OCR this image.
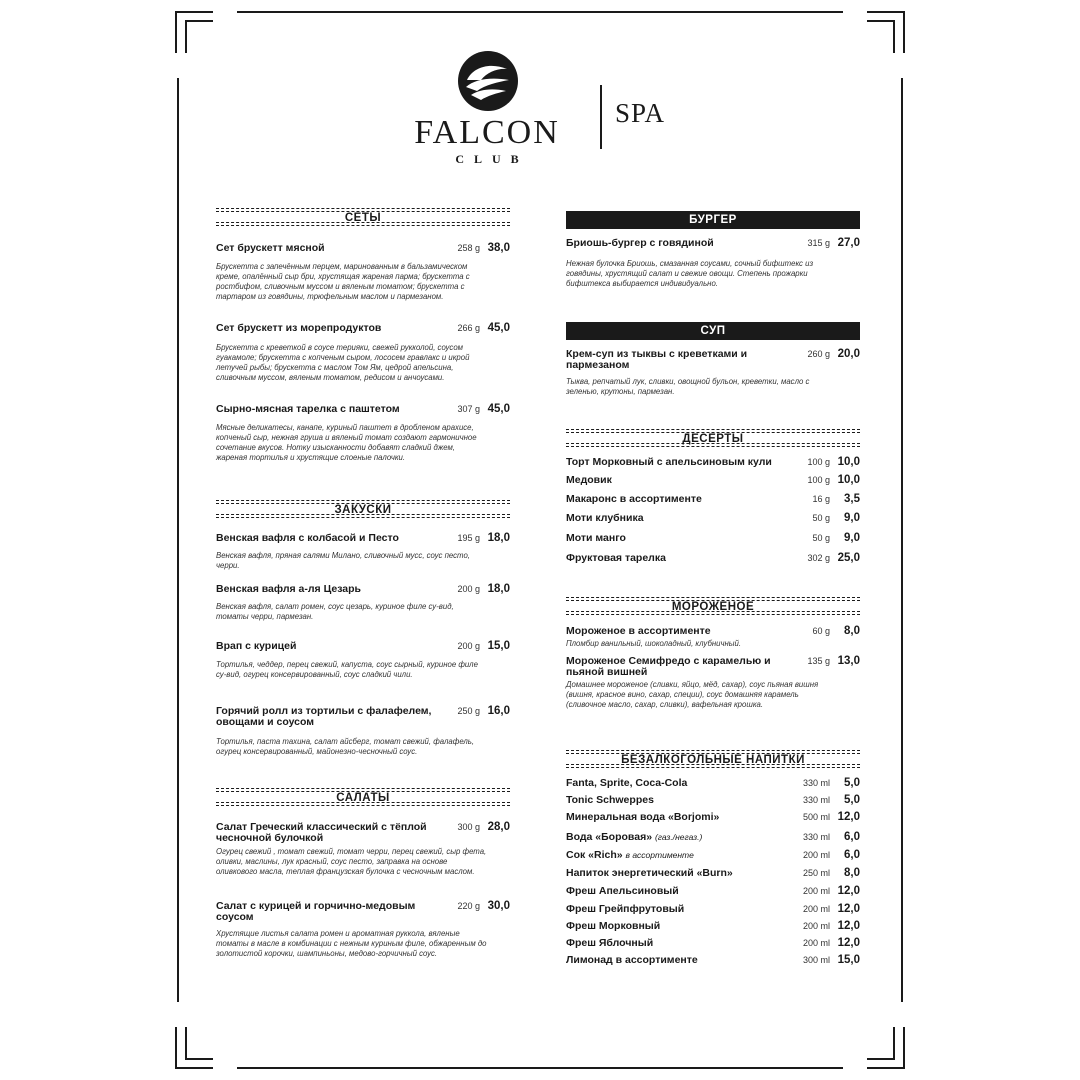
FALCON
CLUB
SPA
СЕТЫ
Сет брускетт мясной	258 g 38,0
Брускетта с запечённым перцем, маринованным в бальзамическом креме, опалённый сыр бри, хрустящая жареная парма; брускетта с ростбифом, сливочным муссом и вяленым томатом; брускетта с тартаром из говядины, трюфельным маслом и пармезаном.
Сет брускетт из морепродуктов	266 g 45,0
Брускетта с креветкой в соусе терияки, свежей рукколой, соусом гуакамоле; брускетта с копченым сыром, лососем гравлакс и икрой летучей рыбы; брускетта с маслом Том Ям, цедрой апельсина, сливочным муссом, вяленым томатом, редисом и анчоусами.
Сырно-мясная тарелка с паштетом	307 g 45,0
Мясные деликатесы, канапе, куриный паштет в дробленом арахисе, копченый сыр, нежная груша и вяленый томат создают гармоничное сочетание вкусов. Нотку изысканности добавят сладкий джем, жареная тортилья и хрустящие слоеные палочки.
ЗАКУСКИ
Венская вафля с колбасой и Песто	195 g 18,0
Венская вафля, пряная салями Милано, сливочный мусс, соус песто, черри.
Венская вафля а-ля Цезарь	200 g 18,0
Венская вафля, салат ромен, соус цезарь, куриное филе су-вид, томаты черри, пармезан.
Врап с курицей	200 g 15,0
Тортилья, чеддер, перец свежий, капуста, соус сырный, куриное филе су-вид, огурец консервированный, соус сладкий чили.
Горячий ролл из тортильи с фалафелем, овощами и соусом
250 g 16,0
Тортилья, паста тахина, салат айсберг, томат свежий, фалафель, огурец консервированный, майонезно-чесночный соус.
САЛАТЫ
Салат Греческий классический с тёплой чесночной булочкой
300 g 28,0
Огурец свежий , томат свежий, томат черри, перец свежий, сыр фета, оливки, маслины, лук красный, соус песто, заправка на основе оливкового масла, теплая французская булочка с чесночным маслом.
Салат с курицей и горчично-медовым соусом
220 g 30,0
Хрустящие листья салата ромен и ароматная руккола, вяленые томаты в масле в комбинации с нежным куриным филе, обжаренным до золотистой корочки, шампиньоны, медово-горчичный соус.
БУРГЕР
Бриошь-бургер с говядиной	315 g 27,0
Нежная булочка Бриошь, смазанная соусами, сочный бифштекс из говядины, хрустящий салат и свежие овощи. Степень прожарки бифштекса выбирается индивидуально.
СУП
Крем-суп из тыквы с креветками и пармезаном
260 g 20,0
Тыква, репчатый лук, сливки, овощной бульон, креветки, масло с зеленью, крутоны, пармезан.
ДЕСЕРТЫ
Торт Морковный с апельсиновым кули	100 g 10,0
Медовик	100 g 10,0
Макаронс в ассортименте	16 g	3,5
Моти клубника	50 g	9,0
Моти манго	50 g	9,0
Фруктовая тарелка	302 g 25,0
МОРОЖЕНОЕ
Мороженое в ассортименте	60 g	8,0
Пломбир ванильный, шоколадный, клубничный.
Мороженое Семифредо с карамелью и пьяной вишней
135 g 13,0
Домашнее мороженое (сливки, яйцо, мёд, сахар), соус пьяная вишня (вишня, красное вино, сахар, специи), соус домашняя карамель (сливочное масло, сахар, сливки), вафельная крошка.
БЕЗАЛКОГОЛЬНЫЕ НАПИТКИ
Fanta, Sprite, Coca-Cola	330 ml	5,0
Tonic Schweppes	330 ml	5,0
Минеральная вода «Borjomi»	500 ml 12,0
Вода «Боровая» (газ./негаз.)	330 ml	6,0
Сок «Rich» в ассортименте	200 ml	6,0
Напиток энергетический «Burn»	250 ml	8,0
Фреш Апельсиновый	200 ml 12,0
Фреш Грейпфрутовый	200 ml 12,0
Фреш Морковный	200 ml 12,0
Фреш Яблочный	200 ml 12,0
Лимонад в ассортименте	300 ml 15,0
